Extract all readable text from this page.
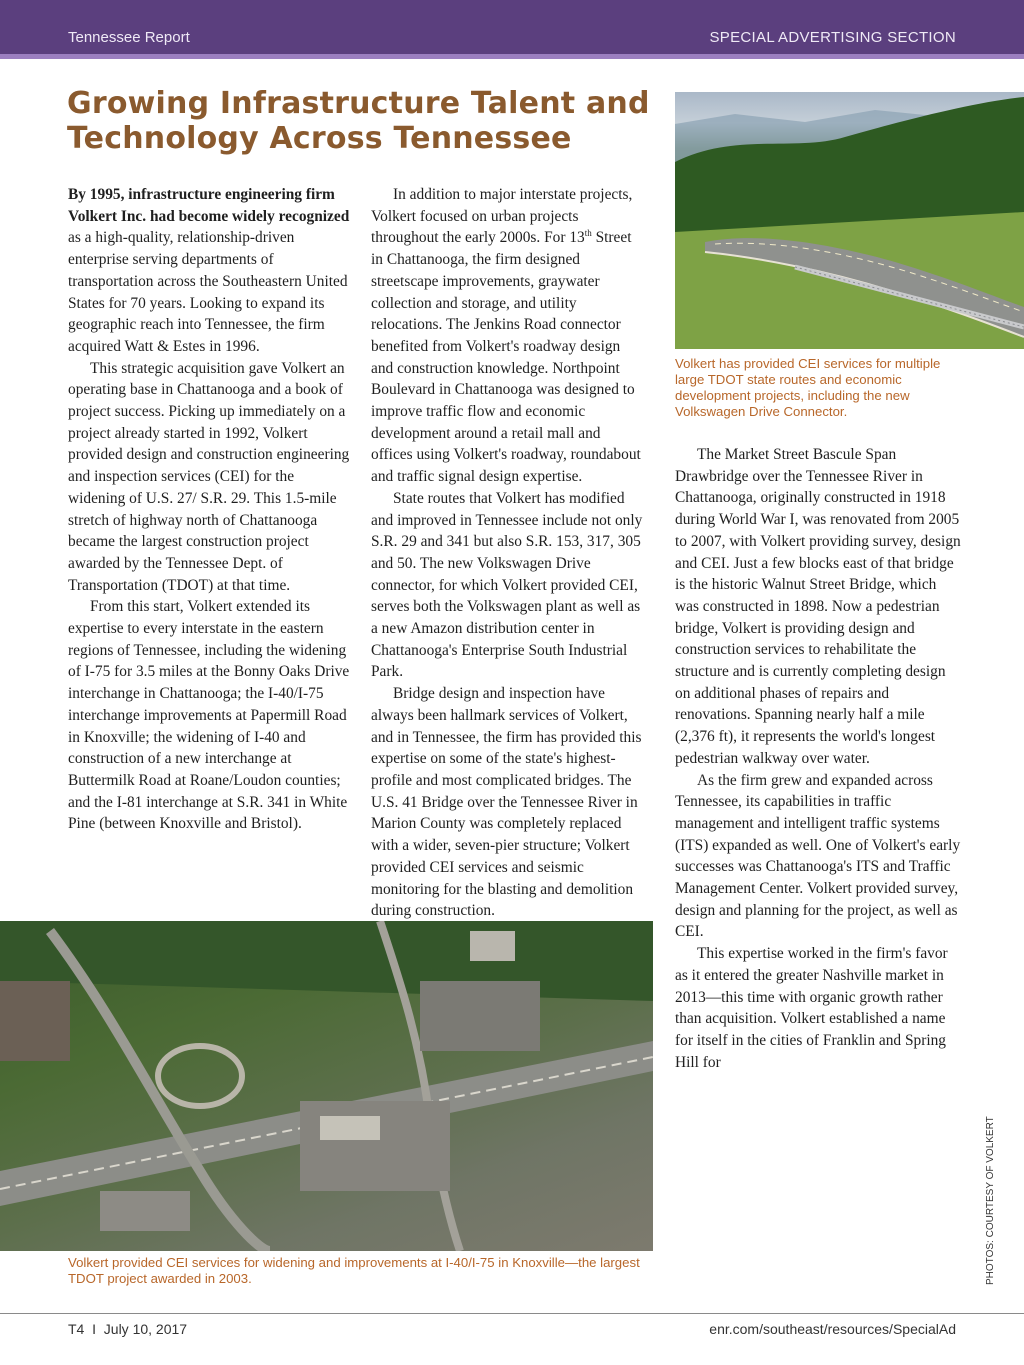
Tennessee Report	SPECIAL ADVERTISING SECTION
Growing Infrastructure Talent and Technology Across Tennessee

By 1995, infrastructure engineering firm Volkert Inc. had become widely recognized as a high-quality, relationship-driven enterprise serving departments of transportation across the Southeastern United States for 70 years. Looking to expand its geographic reach into Tennessee, the firm acquired Watt & Estes in 1996.

This strategic acquisition gave Volkert an operating base in Chattanooga and a book of project success. Picking up immediately on a project already started in 1992, Volkert provided design and construction engineering and inspection services (CEI) for the widening of U.S. 27/ S.R. 29. This 1.5-mile stretch of highway north of Chattanooga became the largest construction project awarded by the Tennessee Dept. of Transportation (TDOT) at that time.

From this start, Volkert extended its expertise to every interstate in the eastern regions of Tennessee, including the widening of I-75 for 3.5 miles at the Bonny Oaks Drive interchange in Chattanooga; the I-40/I-75 interchange improvements at Papermill Road in Knoxville; the widening of I-40 and construction of a new interchange at Buttermilk Road at Roane/Loudon counties; and the I-81 interchange at S.R. 341 in White Pine (between Knoxville and Bristol).

In addition to major interstate projects, Volkert focused on urban projects throughout the early 2000s. For 13th Street in Chattanooga, the firm designed streetscape improvements, graywater collection and storage, and utility relocations. The Jenkins Road connector benefited from Volkert's roadway design and construction knowledge. Northpoint Boulevard in Chattanooga was designed to improve traffic flow and economic development around a retail mall and offices using Volkert's roadway, roundabout and traffic signal design expertise.

State routes that Volkert has modified and improved in Tennessee include not only S.R. 29 and 341 but also S.R. 153, 317, 305 and 50. The new Volkswagen Drive connector, for which Volkert provided CEI, serves both the Volkswagen plant as well as a new Amazon distribution center in Chattanooga's Enterprise South Industrial Park.

Bridge design and inspection have always been hallmark services of Volkert, and in Tennessee, the firm has provided this expertise on some of the state's highest-profile and most complicated bridges. The U.S. 41 Bridge over the Tennessee River in Marion County was completely replaced with a wider, seven-pier structure; Volkert provided CEI services and seismic monitoring for the blasting and demolition during construction.

The Market Street Bascule Span Drawbridge over the Tennessee River in Chattanooga, originally constructed in 1918 during World War I, was renovated from 2005 to 2007, with Volkert providing survey, design and CEI. Just a few blocks east of that bridge is the historic Walnut Street Bridge, which was constructed in 1898. Now a pedestrian bridge, Volkert is providing design and construction services to rehabilitate the structure and is currently completing design on additional phases of repairs and renovations. Spanning nearly half a mile (2,376 ft), it represents the world's longest pedestrian walkway over water.

As the firm grew and expanded across Tennessee, its capabilities in traffic management and intelligent traffic systems (ITS) expanded as well. One of Volkert's early successes was Chattanooga's ITS and Traffic Management Center. Volkert provided survey, design and planning for the project, as well as CEI.

This expertise worked in the firm's favor as it entered the greater Nashville market in 2013—this time with organic growth rather than acquisition. Volkert established a name for itself in the cities of Franklin and Spring Hill for

Volkert has provided CEI services for multiple large TDOT state routes and economic development projects, including the new Volkswagen Drive Connector.

Volkert provided CEI services for widening and improvements at I-40/I-75 in Knoxville—the largest TDOT project awarded in 2003.	PHOTOS: COURTESY OF VOLKERT
T4  I  July 10, 2017	enr.com/southeast/resources/SpecialAd
